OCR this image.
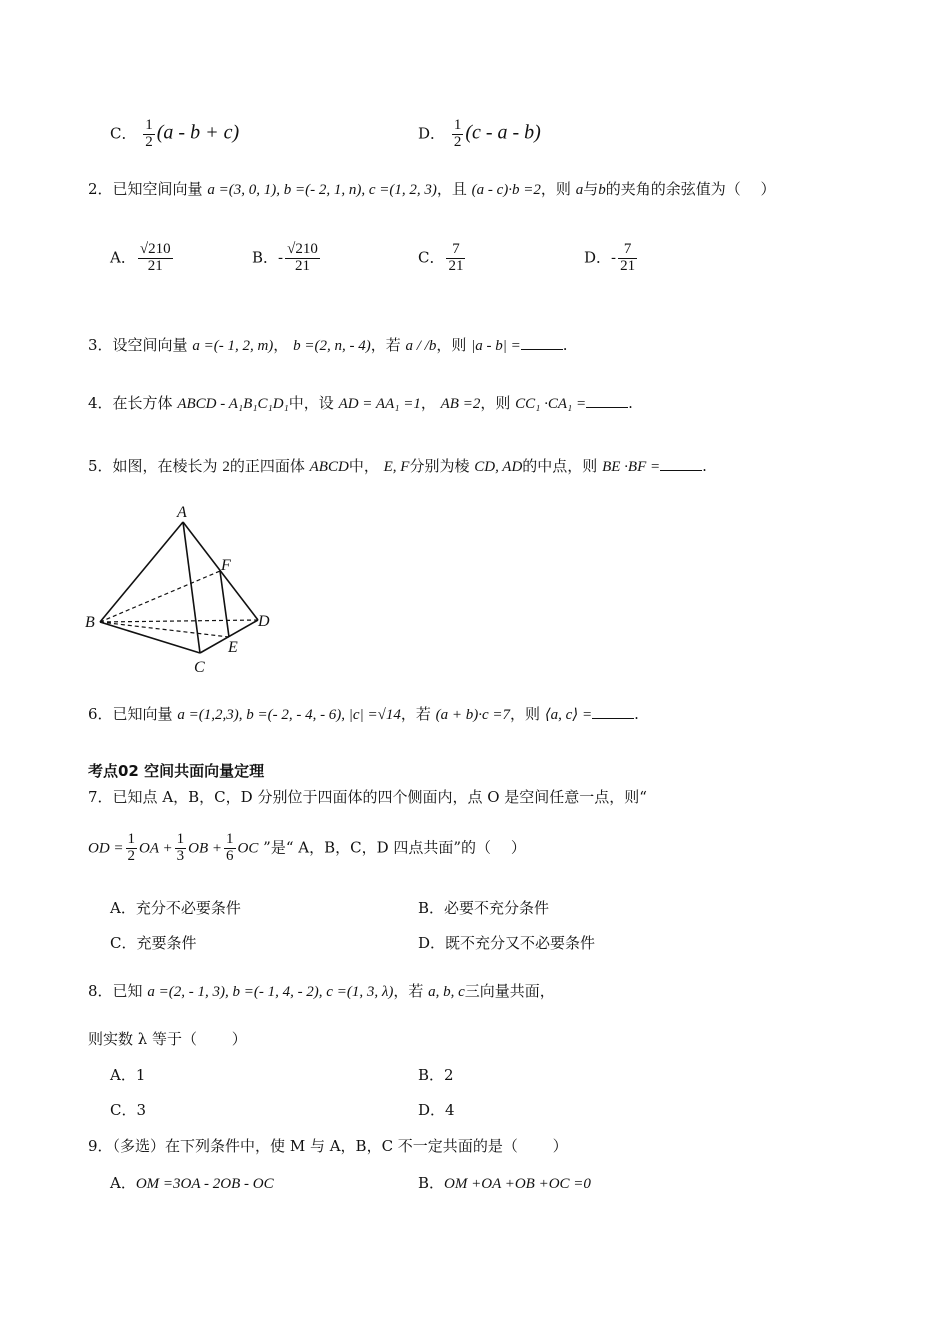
C． $\frac{1}{2} (a - b + c)$	D． $\frac{1}{2} (c$ - a - b)
2．已知空间向量 a =(3, 0, 1), b =(- 2, 1, n), c =(1, 2, 3)，且 (a - c)·b =2，则 a与b的夹角的余弦值为（　 ）
A． $\frac{√210}{21}$	B．- $\frac{√210}{21}$	C． $\frac{7}{21}$	D．- $\frac{7}{21}$
3．设空间向量 a =(- 1, 2, m)， b =(2, n, - 4)，若 a / /b，则 |a - b| =	.
4．在长方体 ABCD - A₁B₁C₁D₁中，设 AD = AA₁ =1， AB =2，则 CC₁ ·CA₁ =	.
5．如图，在棱长为 2的正四面体 ABCD中， E, F分别为棱 CD, AD的中点，则 BE ·BF =	.
A
B
C
D
E
F
6．已知向量 a =(1,2,3), b =(- 2, - 4, - 6), |c| =√14，若 (a + b)·c =7，则 ⟨a, c⟩ =	.
考点02 空间共面向量定理
7．已知点 A，B，C，D 分别位于四面体的四个侧面内，点 O 是空间任意一点，则“
OD = $\frac{1}{2}$ OA + $\frac{1}{3}$ OB + $\frac{1}{6}$ OC ”是“ A，B，C，D 四点共面”的（　 ）
A．充分不必要条件	B．必要不充分条件
C．充要条件	D．既不充分又不必要条件
8．已知 a =(2, - 1, 3), b =(- 1, 4, - 2), c =(1, 3, λ)，若 a, b, c三向量共面，
则实数 λ 等于（　　 ）
A．1	B．2
C．3	D．4
9．（多选）在下列条件中，使 M 与 A，B，C 不一定共面的是（　　 ）
A．OM =3OA - 2OB - OC	B．OM +OA +OB +OC =0
